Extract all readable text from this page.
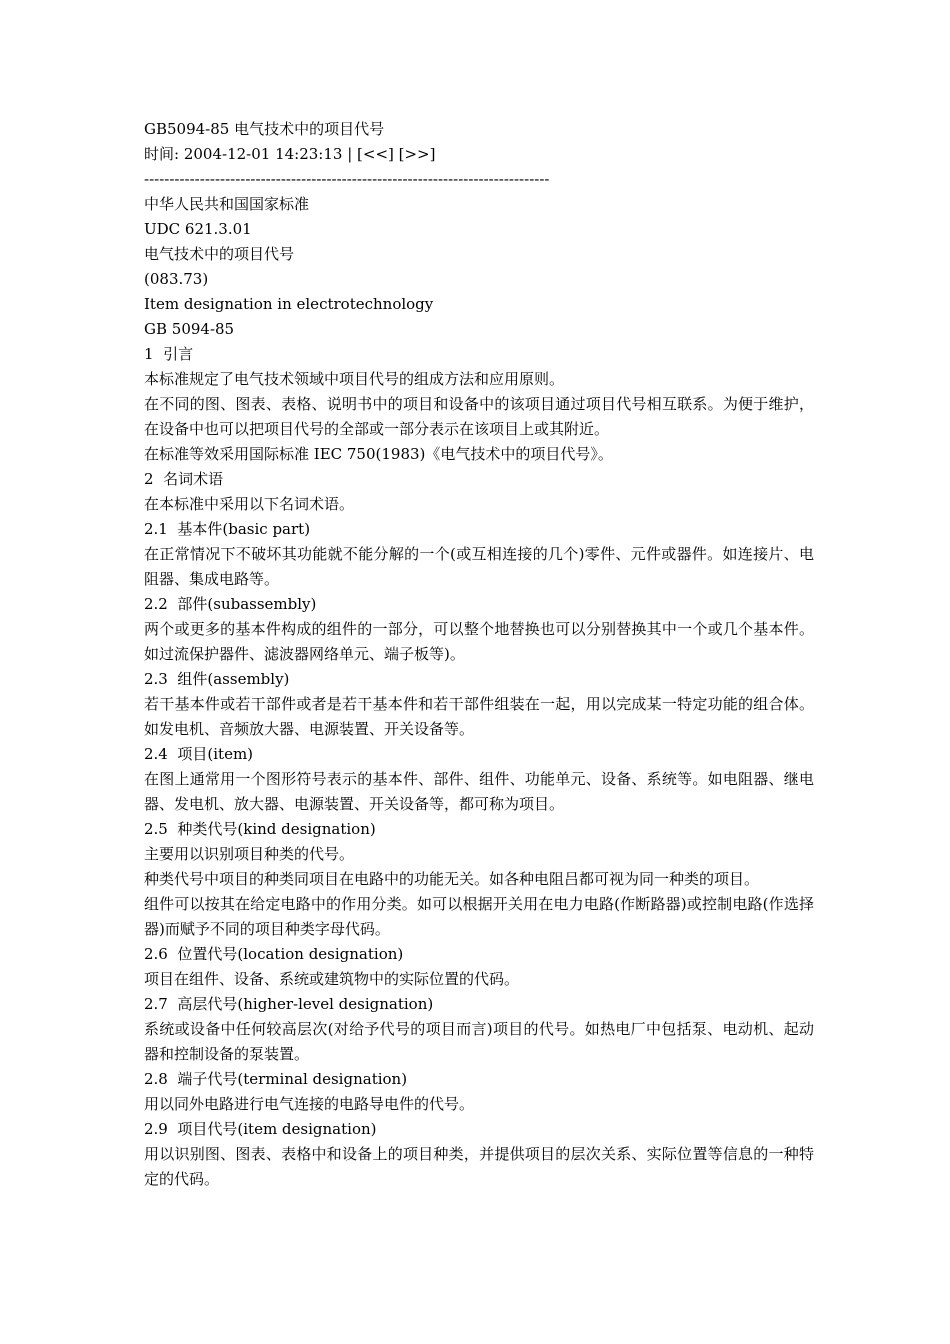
GB5094-85 电气技术中的项目代号
时间: 2004-12-01 14:23:13 | [<<] [>>]
--------------------------------------------------------------------------------
中华人民共和国国家标准
UDC 621.3.01
电气技术中的项目代号
(083.73)
Item designation in electrotechnology
GB 5094-85
1  引言
本标准规定了电气技术领域中项目代号的组成方法和应用原则。
在不同的图、图表、表格、说明书中的项目和设备中的该项目通过项目代号相互联系。为便于维护，在设备中也可以把项目代号的全部或一部分表示在该项目上或其附近。
在标准等效采用国际标准 IEC 750(1983)《电气技术中的项目代号》。
2  名词术语
在本标准中采用以下名词术语。
2.1  基本件(basic part)
在正常情况下不破坏其功能就不能分解的一个(或互相连接的几个)零件、元件或器件。如连接片、电阻器、集成电路等。
2.2  部件(subassembly)
两个或更多的基本件构成的组件的一部分，可以整个地替换也可以分别替换其中一个或几个基本件。如过流保护器件、滤波器网络单元、端子板等)。
2.3  组件(assembly)
若干基本件或若干部件或者是若干基本件和若干部件组装在一起，用以完成某一特定功能的组合体。如发电机、音频放大器、电源装置、开关设备等。
2.4  项目(item)
在图上通常用一个图形符号表示的基本件、部件、组件、功能单元、设备、系统等。如电阻器、继电器、发电机、放大器、电源装置、开关设备等，都可称为项目。
2.5  种类代号(kind designation)
主要用以识别项目种类的代号。
种类代号中项目的种类同项目在电路中的功能无关。如各种电阻吕都可视为同一种类的项目。
组件可以按其在给定电路中的作用分类。如可以根据开关用在电力电路(作断路器)或控制电路(作选择器)而赋予不同的项目种类字母代码。
2.6  位置代号(location designation)
项目在组件、设备、系统或建筑物中的实际位置的代码。
2.7  高层代号(higher-level designation)
系统或设备中任何较高层次(对给予代号的项目而言)项目的代号。如热电厂中包括泵、电动机、起动器和控制设备的泵装置。
2.8  端子代号(terminal designation)
用以同外电路进行电气连接的电路导电件的代号。
2.9  项目代号(item designation)
用以识别图、图表、表格中和设备上的项目种类，并提供项目的层次关系、实际位置等信息的一种特定的代码。
